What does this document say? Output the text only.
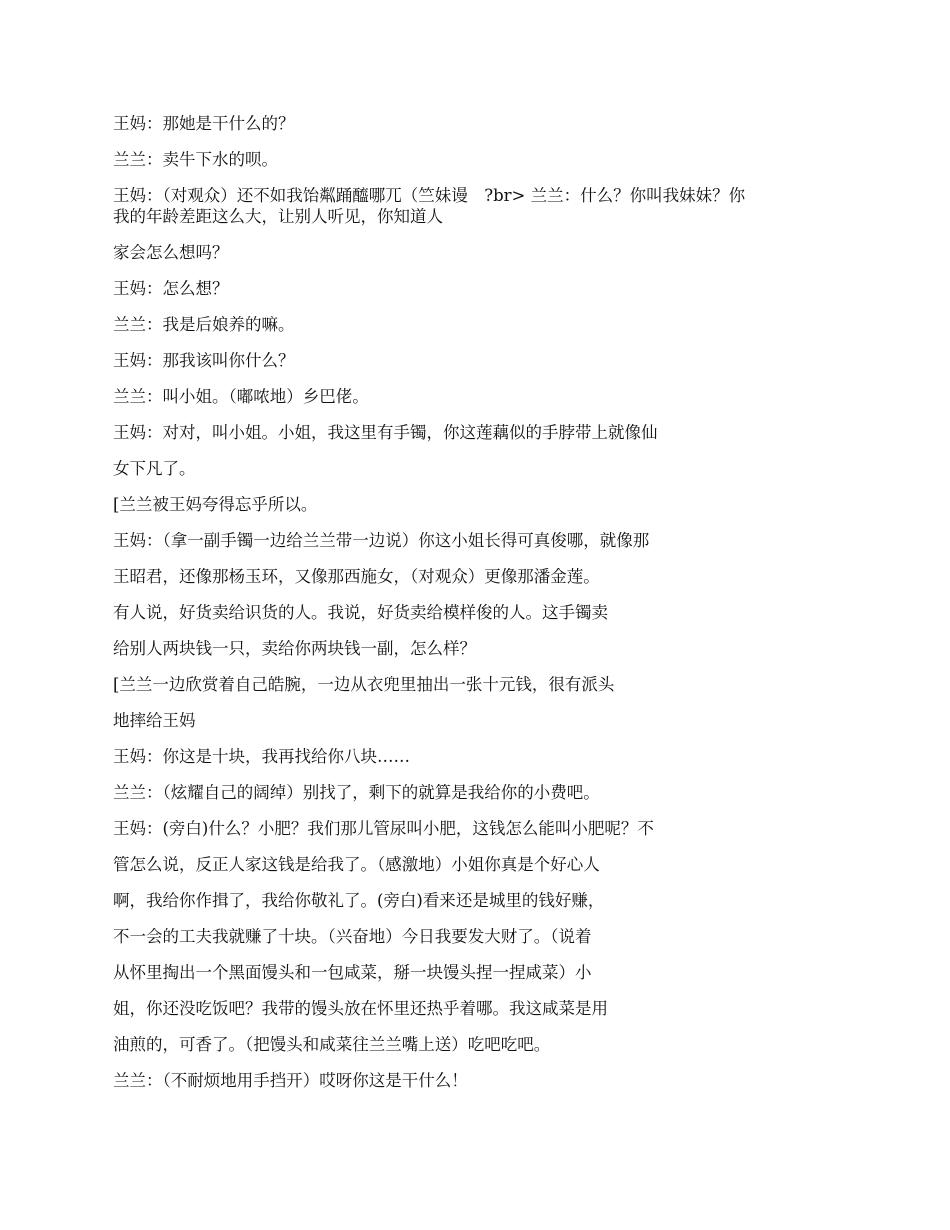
王妈：那她是干什么的？

兰兰：卖牛下水的呗。

王妈：（对观众）还不如我饴粼踊醯哪兀（竺妹谩　?br> 兰兰：什么？你叫我妹妹？你

我的年龄差距这么大，让别人听见，你知道人

家会怎么想吗？

王妈：怎么想？

兰兰：我是后娘养的嘛。

王妈：那我该叫你什么？

兰兰：叫小姐。（嘟哝地）乡巴佬。

王妈：对对，叫小姐。小姐，我这里有手镯，你这莲藕似的手脖带上就像仙

女下凡了。

[兰兰被王妈夸得忘乎所以。

王妈：（拿一副手镯一边给兰兰带一边说）你这小姐长得可真俊哪，就像那

王昭君，还像那杨玉环，又像那西施女，（对观众）更像那潘金莲。

有人说，好货卖给识货的人。我说，好货卖给模样俊的人。这手镯卖

给别人两块钱一只，卖给你两块钱一副，怎么样？

[兰兰一边欣赏着自己皓腕，一边从衣兜里抽出一张十元钱，很有派头

地摔给王妈

王妈：你这是十块，我再找给你八块……

兰兰：（炫耀自己的阔绰）别找了，剩下的就算是我给你的小费吧。

王妈：(旁白)什么？小肥？我们那儿管尿叫小肥，这钱怎么能叫小肥呢？不

管怎么说，反正人家这钱是给我了。（感激地）小姐你真是个好心人

啊，我给你作揖了，我给你敬礼了。(旁白)看来还是城里的钱好赚，

不一会的工夫我就赚了十块。（兴奋地）今日我要发大财了。（说着

从怀里掏出一个黑面馒头和一包咸菜，掰一块馒头捏一捏咸菜）小

姐，你还没吃饭吧？我带的馒头放在怀里还热乎着哪。我这咸菜是用

油煎的，可香了。（把馒头和咸菜往兰兰嘴上送）吃吧吃吧。

兰兰：（不耐烦地用手挡开）哎呀你这是干什么！
